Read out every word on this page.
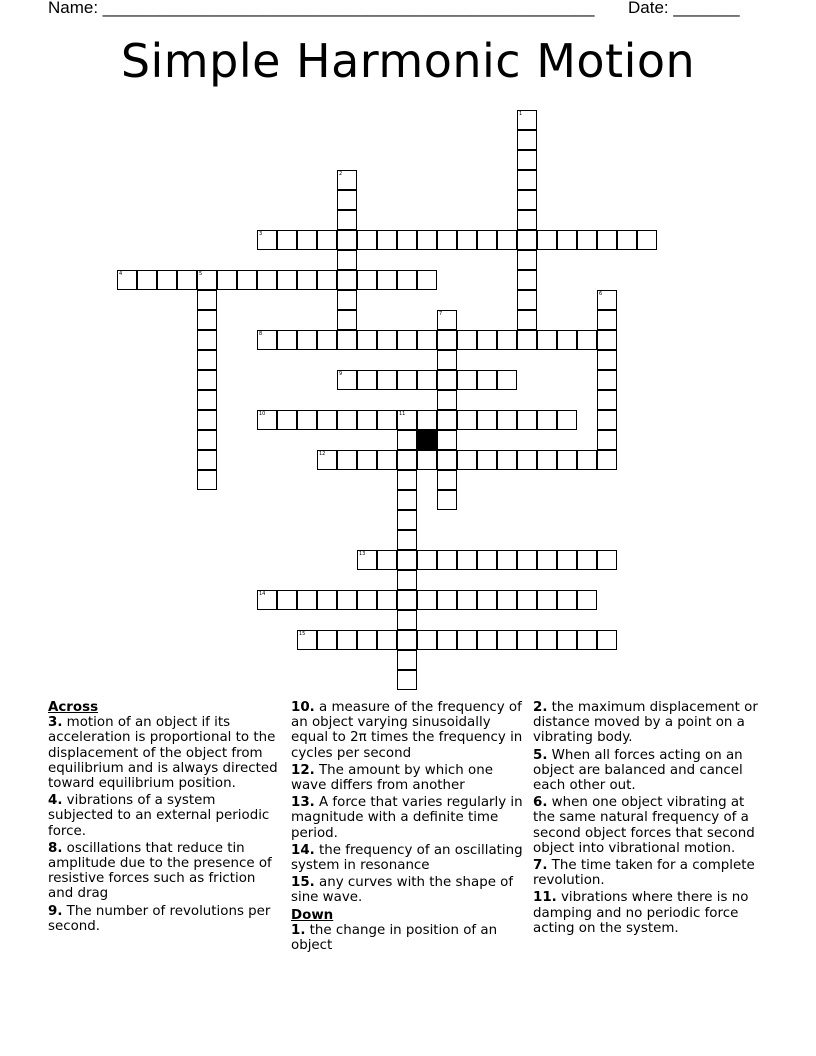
Name: ____________________________________________________ Date: _______
Simple Harmonic Motion
1
2
3
4	5
6
7
8
9
10	11
12
13
14
15
Across
3. motion of an object if its acceleration is proportional to the displacement of the object from equilibrium and is always directed toward equilibrium position.
4. vibrations of a system subjected to an external periodic force.
8. oscillations that reduce tin amplitude due to the presence of resistive forces such as friction and drag
9. The number of revolutions per second.
10. a measure of the frequency of an object varying sinusoidally equal to 2π times the frequency in cycles per second
12. The amount by which one wave differs from another
13. A force that varies regularly in magnitude with a definite time period.
14. the frequency of an oscillating system in resonance
15. any curves with the shape of sine wave.
Down
1. the change in position of an object
2. the maximum displacement or distance moved by a point on a vibrating body.
5. When all forces acting on an object are balanced and cancel each other out.
6. when one object vibrating at the same natural frequency of a second object forces that second object into vibrational motion.
7. The time taken for a complete revolution.
11. vibrations where there is no damping and no periodic force acting on the system.
